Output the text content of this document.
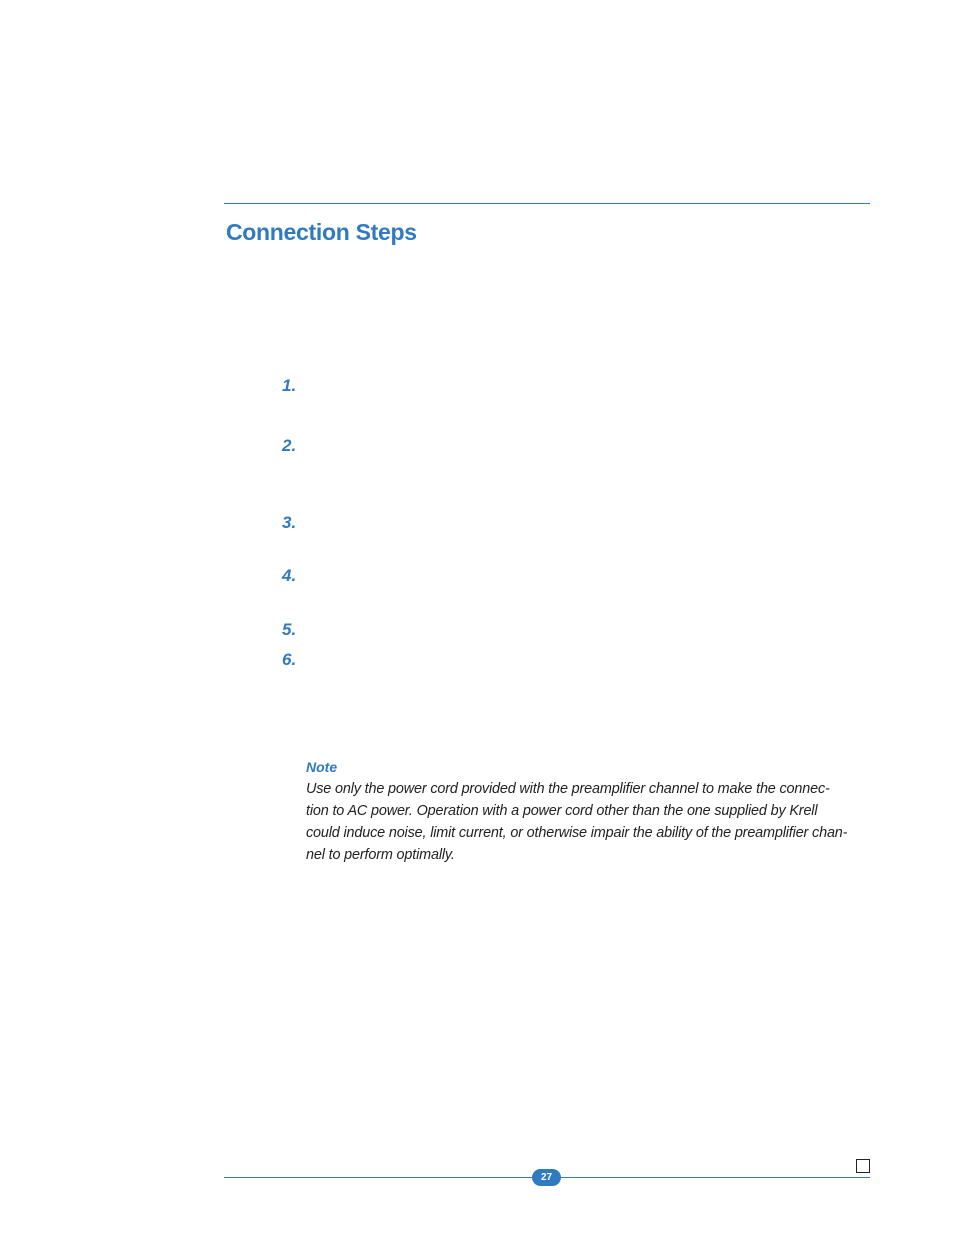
Connection Steps
1.
2.
3.
4.
5.
6.
Note
Use only the power cord provided with the preamplifier channel to make the connec-
tion to AC power. Operation with a power cord other than the one supplied by Krell
could induce noise, limit current, or otherwise impair the ability of the preamplifier chan-
nel to perform optimally.
27
